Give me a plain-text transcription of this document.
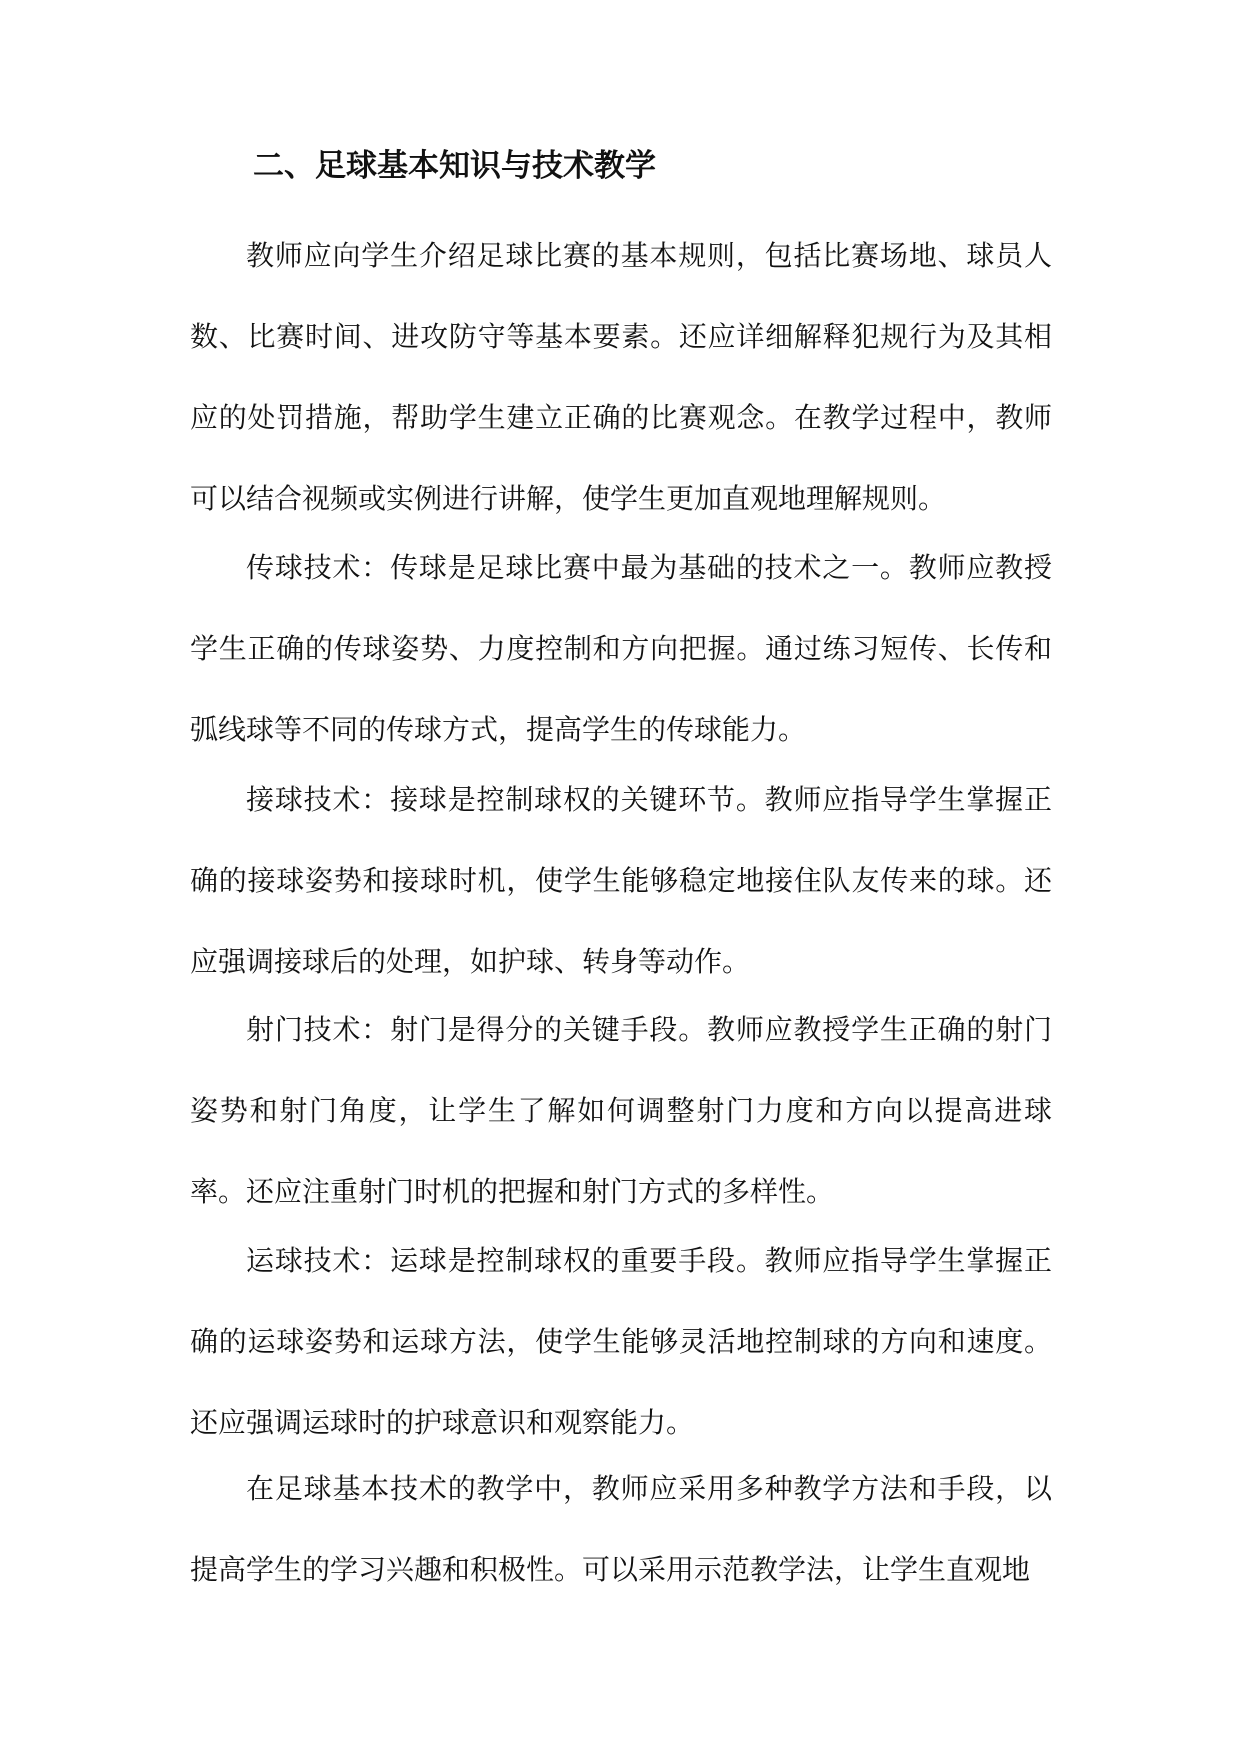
二、足球基本知识与技术教学

教师应向学生介绍足球比赛的基本规则，包括比赛场地、球员人数、比赛时间、进攻防守等基本要素。还应详细解释犯规行为及其相应的处罚措施，帮助学生建立正确的比赛观念。在教学过程中，教师可以结合视频或实例进行讲解，使学生更加直观地理解规则。

传球技术：传球是足球比赛中最为基础的技术之一。教师应教授学生正确的传球姿势、力度控制和方向把握。通过练习短传、长传和弧线球等不同的传球方式，提高学生的传球能力。

接球技术：接球是控制球权的关键环节。教师应指导学生掌握正确的接球姿势和接球时机，使学生能够稳定地接住队友传来的球。还应强调接球后的处理，如护球、转身等动作。

射门技术：射门是得分的关键手段。教师应教授学生正确的射门姿势和射门角度，让学生了解如何调整射门力度和方向以提高进球率。还应注重射门时机的把握和射门方式的多样性。

运球技术：运球是控制球权的重要手段。教师应指导学生掌握正确的运球姿势和运球方法，使学生能够灵活地控制球的方向和速度。还应强调运球时的护球意识和观察能力。

在足球基本技术的教学中，教师应采用多种教学方法和手段，以提高学生的学习兴趣和积极性。可以采用示范教学法，让学生直观地
